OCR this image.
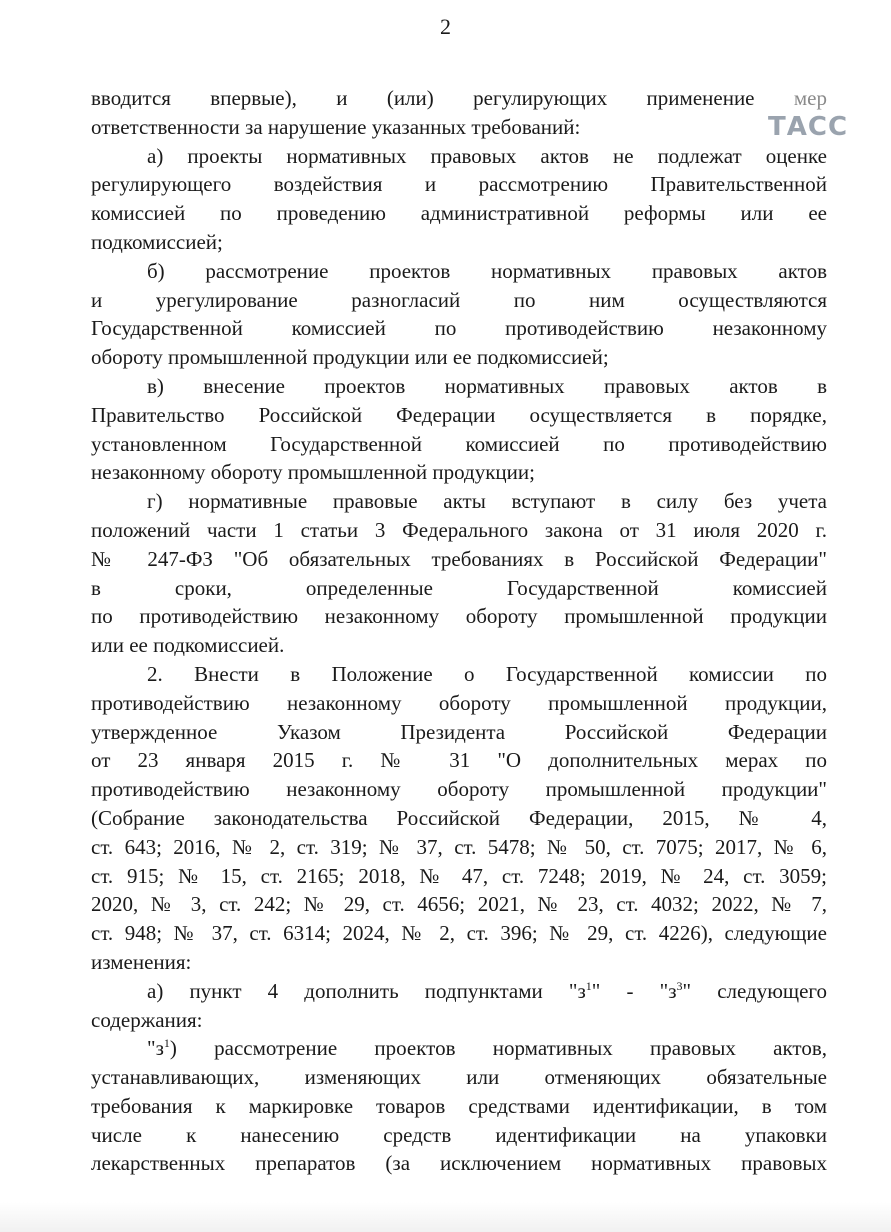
2
ТАСС
вводится впервые), и (или) регулирующих применение мер
ответственности за нарушение указанных требований:
а) проекты нормативных правовых актов не подлежат оценке
регулирующего воздействия и рассмотрению Правительственной
комиссией по проведению административной реформы или ее
подкомиссией;
б) рассмотрение проектов нормативных правовых актов
и урегулирование разногласий по ним осуществляются
Государственной комиссией по противодействию незаконному
обороту промышленной продукции или ее подкомиссией;
в) внесение проектов нормативных правовых актов в
Правительство Российской Федерации осуществляется в порядке,
установленном Государственной комиссией по противодействию
незаконному обороту промышленной продукции;
г) нормативные правовые акты вступают в силу без учета
положений части 1 статьи 3 Федерального закона от 31 июля 2020 г.
№ 247-ФЗ "Об обязательных требованиях в Российской Федерации"
в сроки, определенные Государственной комиссией
по противодействию незаконному обороту промышленной продукции
или ее подкомиссией.
2. Внести в Положение о Государственной комиссии по
противодействию незаконному обороту промышленной продукции,
утвержденное Указом Президента Российской Федерации
от 23 января 2015 г. № 31 "О дополнительных мерах по
противодействию незаконному обороту промышленной продукции"
(Собрание законодательства Российской Федерации, 2015, № 4,
ст. 643; 2016, № 2, ст. 319; № 37, ст. 5478; № 50, ст. 7075; 2017, № 6,
ст. 915; № 15, ст. 2165; 2018, № 47, ст. 7248; 2019, № 24, ст. 3059;
2020, № 3, ст. 242; № 29, ст. 4656; 2021, № 23, ст. 4032; 2022, № 7,
ст. 948; № 37, ст. 6314; 2024, № 2, ст. 396; № 29, ст. 4226), следующие
изменения:
а) пункт 4 дополнить подпунктами "$з^1$" - "$з^3$" следующего
содержания:
"$з^1$) рассмотрение проектов нормативных правовых актов,
устанавливающих, изменяющих или отменяющих обязательные
требования к маркировке товаров средствами идентификации, в том
числе к нанесению средств идентификации на упаковки
лекарственных препаратов (за исключением нормативных правовых
